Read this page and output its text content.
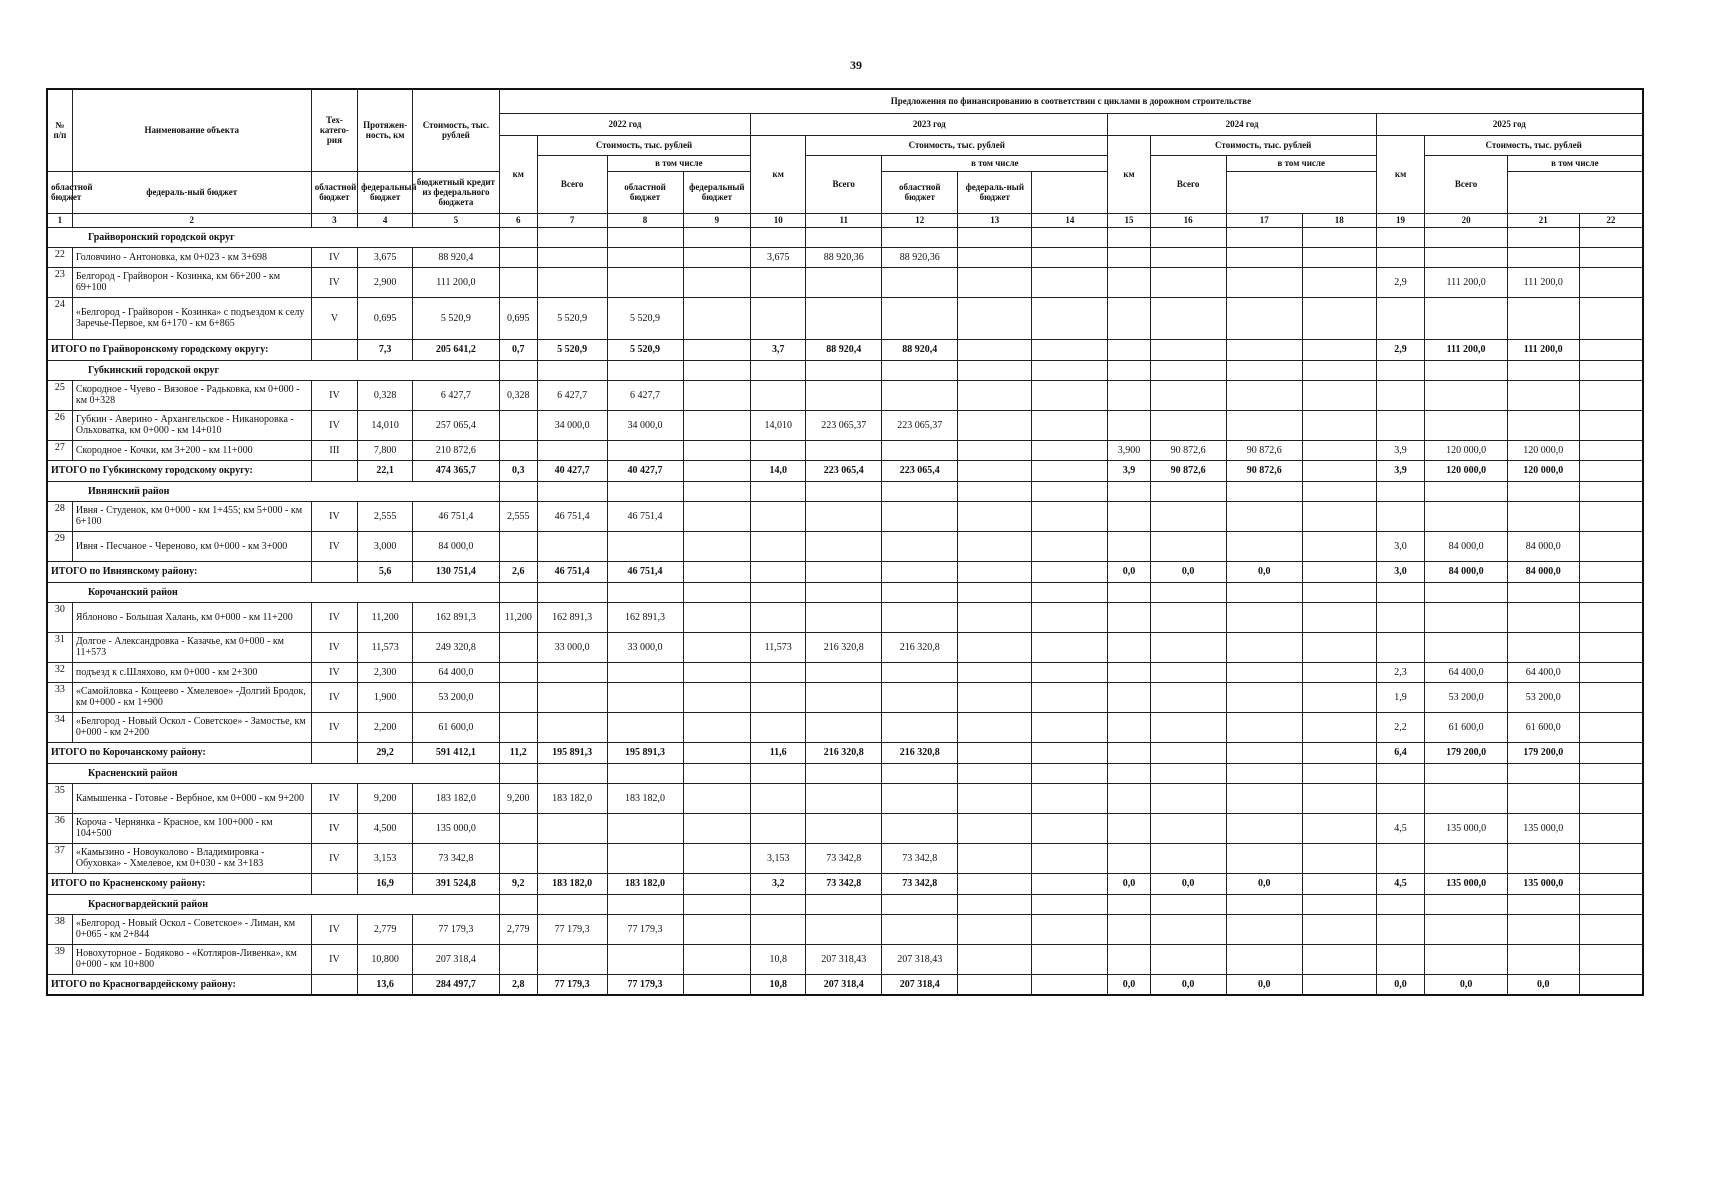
39
№ п/п	Наименование объекта	Тех-катего-рия	Протяжен-ность, км	Стоимость, тыс. рублей	Предложения по финансированию в соответствии с циклами в дорожном строительстве																
					2022 год				2023 год					2024 год				2025 год			
					км	Стоимость, тыс. рублей			км	Стоимость, тыс. рублей				км	Стоимость, тыс. рублей			км	Стоимость, тыс. рублей		
						Всего	в том числе			Всего	в том числе				Всего	в том числе			Всего	в том числе	
областной бюджет	федераль-ный бюджет	областной бюджет	федеральный бюджет	бюджетный кредит из федерального бюджета			областной бюджет	федеральный бюджет			областной бюджет	федераль-ный бюджет									
1	2	3	4	5	6	7	8	9	10	11	12	13	14	15	16	17	18	19	20	21	22
Грайворонский городской округ																					
22	Головчино - Антоновка, км 0+023 - км 3+698	IV	3,675	88 920,4					3,675	88 920,36	88 920,36										
23	Белгород - Грайворон - Козинка, км 66+200 - км 69+100	IV	2,900	111 200,0														2,9	111 200,0	111 200,0	
24	«Белгород - Грайворон - Козинка» с подъездом к селу Заречье-Первое, км 6+170 - км 6+865	V	0,695	5 520,9	0,695	5 520,9	5 520,9														
ИТОГО по Грайворонскому городскому округу:			7,3	205 641,2	0,7	5 520,9	5 520,9		3,7	88 920,4	88 920,4							2,9	111 200,0	111 200,0	
Губкинский городской округ																					
25	Скородное - Чуево - Вязовое - Радьковка, км 0+000 - км 0+328	IV	0,328	6 427,7	0,328	6 427,7	6 427,7														
26	Губкин - Аверино - Архангельское - Никаноровка - Ольховатка, км 0+000 - км 14+010	IV	14,010	257 065,4		34 000,0	34 000,0		14,010	223 065,37	223 065,37										
27	Скородное - Кочки, км 3+200 - км 11+000	III	7,800	210 872,6										3,900	90 872,6	90 872,6		3,9	120 000,0	120 000,0	
ИТОГО по Губкинскому городскому округу:			22,1	474 365,7	0,3	40 427,7	40 427,7		14,0	223 065,4	223 065,4			3,9	90 872,6	90 872,6		3,9	120 000,0	120 000,0	
Ивнянский район																					
28	Ивня - Студенок, км 0+000 - км 1+455; км 5+000 - км 6+100	IV	2,555	46 751,4	2,555	46 751,4	46 751,4														
29	Ивня - Песчаное - Череново, км 0+000 - км 3+000	IV	3,000	84 000,0														3,0	84 000,0	84 000,0	
ИТОГО по Ивнянскому району:			5,6	130 751,4	2,6	46 751,4	46 751,4							0,0	0,0	0,0		3,0	84 000,0	84 000,0	
Корочанский район																					
30	Яблоново - Большая Халань, км 0+000 - км 11+200	IV	11,200	162 891,3	11,200	162 891,3	162 891,3														
31	Долгое - Александровка - Казачье, км 0+000 - км 11+573	IV	11,573	249 320,8		33 000,0	33 000,0		11,573	216 320,8	216 320,8										
32	подъезд к с.Шляхово, км 0+000 - км 2+300	IV	2,300	64 400,0														2,3	64 400,0	64 400,0	
33	«Самойловка - Кощеево - Хмелевое» -Долгий Бродок, км 0+000 - км 1+900	IV	1,900	53 200,0														1,9	53 200,0	53 200,0	
34	«Белгород - Новый Оскол - Советское» - Замостье, км 0+000 - км 2+200	IV	2,200	61 600,0														2,2	61 600,0	61 600,0	
ИТОГО по Корочанскому району:			29,2	591 412,1	11,2	195 891,3	195 891,3		11,6	216 320,8	216 320,8							6,4	179 200,0	179 200,0	
Красненский район																					
35	Камышенка - Готовье - Вербное, км 0+000 - км 9+200	IV	9,200	183 182,0	9,200	183 182,0	183 182,0														
36	Короча - Чернянка - Красное, км 100+000 - км 104+500	IV	4,500	135 000,0														4,5	135 000,0	135 000,0	
37	«Камызино - Новоуколово - Владимировка - Обуховка» - Хмелевое, км 0+030 - км 3+183	IV	3,153	73 342,8					3,153	73 342,8	73 342,8										
ИТОГО по Красненскому району:			16,9	391 524,8	9,2	183 182,0	183 182,0		3,2	73 342,8	73 342,8			0,0	0,0	0,0		4,5	135 000,0	135 000,0	
Красногвардейский район																					
38	«Белгород - Новый Оскол - Советское» - Лиман, км 0+065 - км 2+844	IV	2,779	77 179,3	2,779	77 179,3	77 179,3														
39	Новохуторное - Бодяково - «Котляров-Ливенка», км 0+000 - км 10+800	IV	10,800	207 318,4					10,8	207 318,43	207 318,43										
ИТОГО по Красногвардейскому району:			13,6	284 497,7	2,8	77 179,3	77 179,3		10,8	207 318,4	207 318,4			0,0	0,0	0,0		0,0	0,0	0,0	
